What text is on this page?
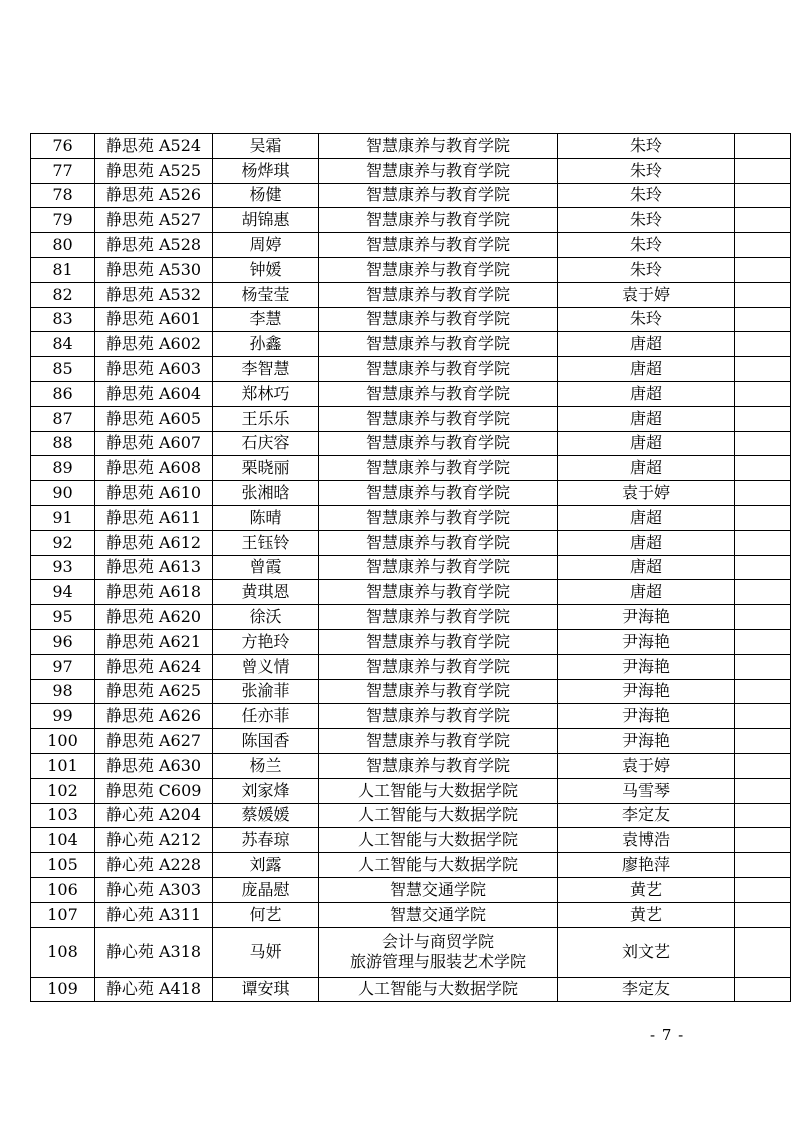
76	静思苑 A524	吴霜	智慧康养与教育学院	朱玲	
77	静思苑 A525	杨烨琪	智慧康养与教育学院	朱玲	
78	静思苑 A526	杨健	智慧康养与教育学院	朱玲	
79	静思苑 A527	胡锦惠	智慧康养与教育学院	朱玲	
80	静思苑 A528	周婷	智慧康养与教育学院	朱玲	
81	静思苑 A530	钟媛	智慧康养与教育学院	朱玲	
82	静思苑 A532	杨莹莹	智慧康养与教育学院	袁于婷	
83	静思苑 A601	李慧	智慧康养与教育学院	朱玲	
84	静思苑 A602	孙鑫	智慧康养与教育学院	唐超	
85	静思苑 A603	李智慧	智慧康养与教育学院	唐超	
86	静思苑 A604	郑林巧	智慧康养与教育学院	唐超	
87	静思苑 A605	王乐乐	智慧康养与教育学院	唐超	
88	静思苑 A607	石庆容	智慧康养与教育学院	唐超	
89	静思苑 A608	栗晓丽	智慧康养与教育学院	唐超	
90	静思苑 A610	张湘晗	智慧康养与教育学院	袁于婷	
91	静思苑 A611	陈晴	智慧康养与教育学院	唐超	
92	静思苑 A612	王钰铃	智慧康养与教育学院	唐超	
93	静思苑 A613	曾霞	智慧康养与教育学院	唐超	
94	静思苑 A618	黄琪恩	智慧康养与教育学院	唐超	
95	静思苑 A620	徐沃	智慧康养与教育学院	尹海艳	
96	静思苑 A621	方艳玲	智慧康养与教育学院	尹海艳	
97	静思苑 A624	曾义情	智慧康养与教育学院	尹海艳	
98	静思苑 A625	张渝菲	智慧康养与教育学院	尹海艳	
99	静思苑 A626	任亦菲	智慧康养与教育学院	尹海艳	
100	静思苑 A627	陈国香	智慧康养与教育学院	尹海艳	
101	静思苑 A630	杨兰	智慧康养与教育学院	袁于婷	
102	静思苑 C609	刘家烽	人工智能与大数据学院	马雪琴	
103	静心苑 A204	蔡媛媛	人工智能与大数据学院	李定友	
104	静心苑 A212	苏春琼	人工智能与大数据学院	袁博浩	
105	静心苑 A228	刘露	人工智能与大数据学院	廖艳萍	
106	静心苑 A303	庞晶慰	智慧交通学院	黄艺	
107	静心苑 A311	何艺	智慧交通学院	黄艺	
108	静心苑 A318	马妍	会计与商贸学院
旅游管理与服装艺术学院	刘文艺	
109	静心苑 A418	谭安琪	人工智能与大数据学院	李定友	
- 7 -
